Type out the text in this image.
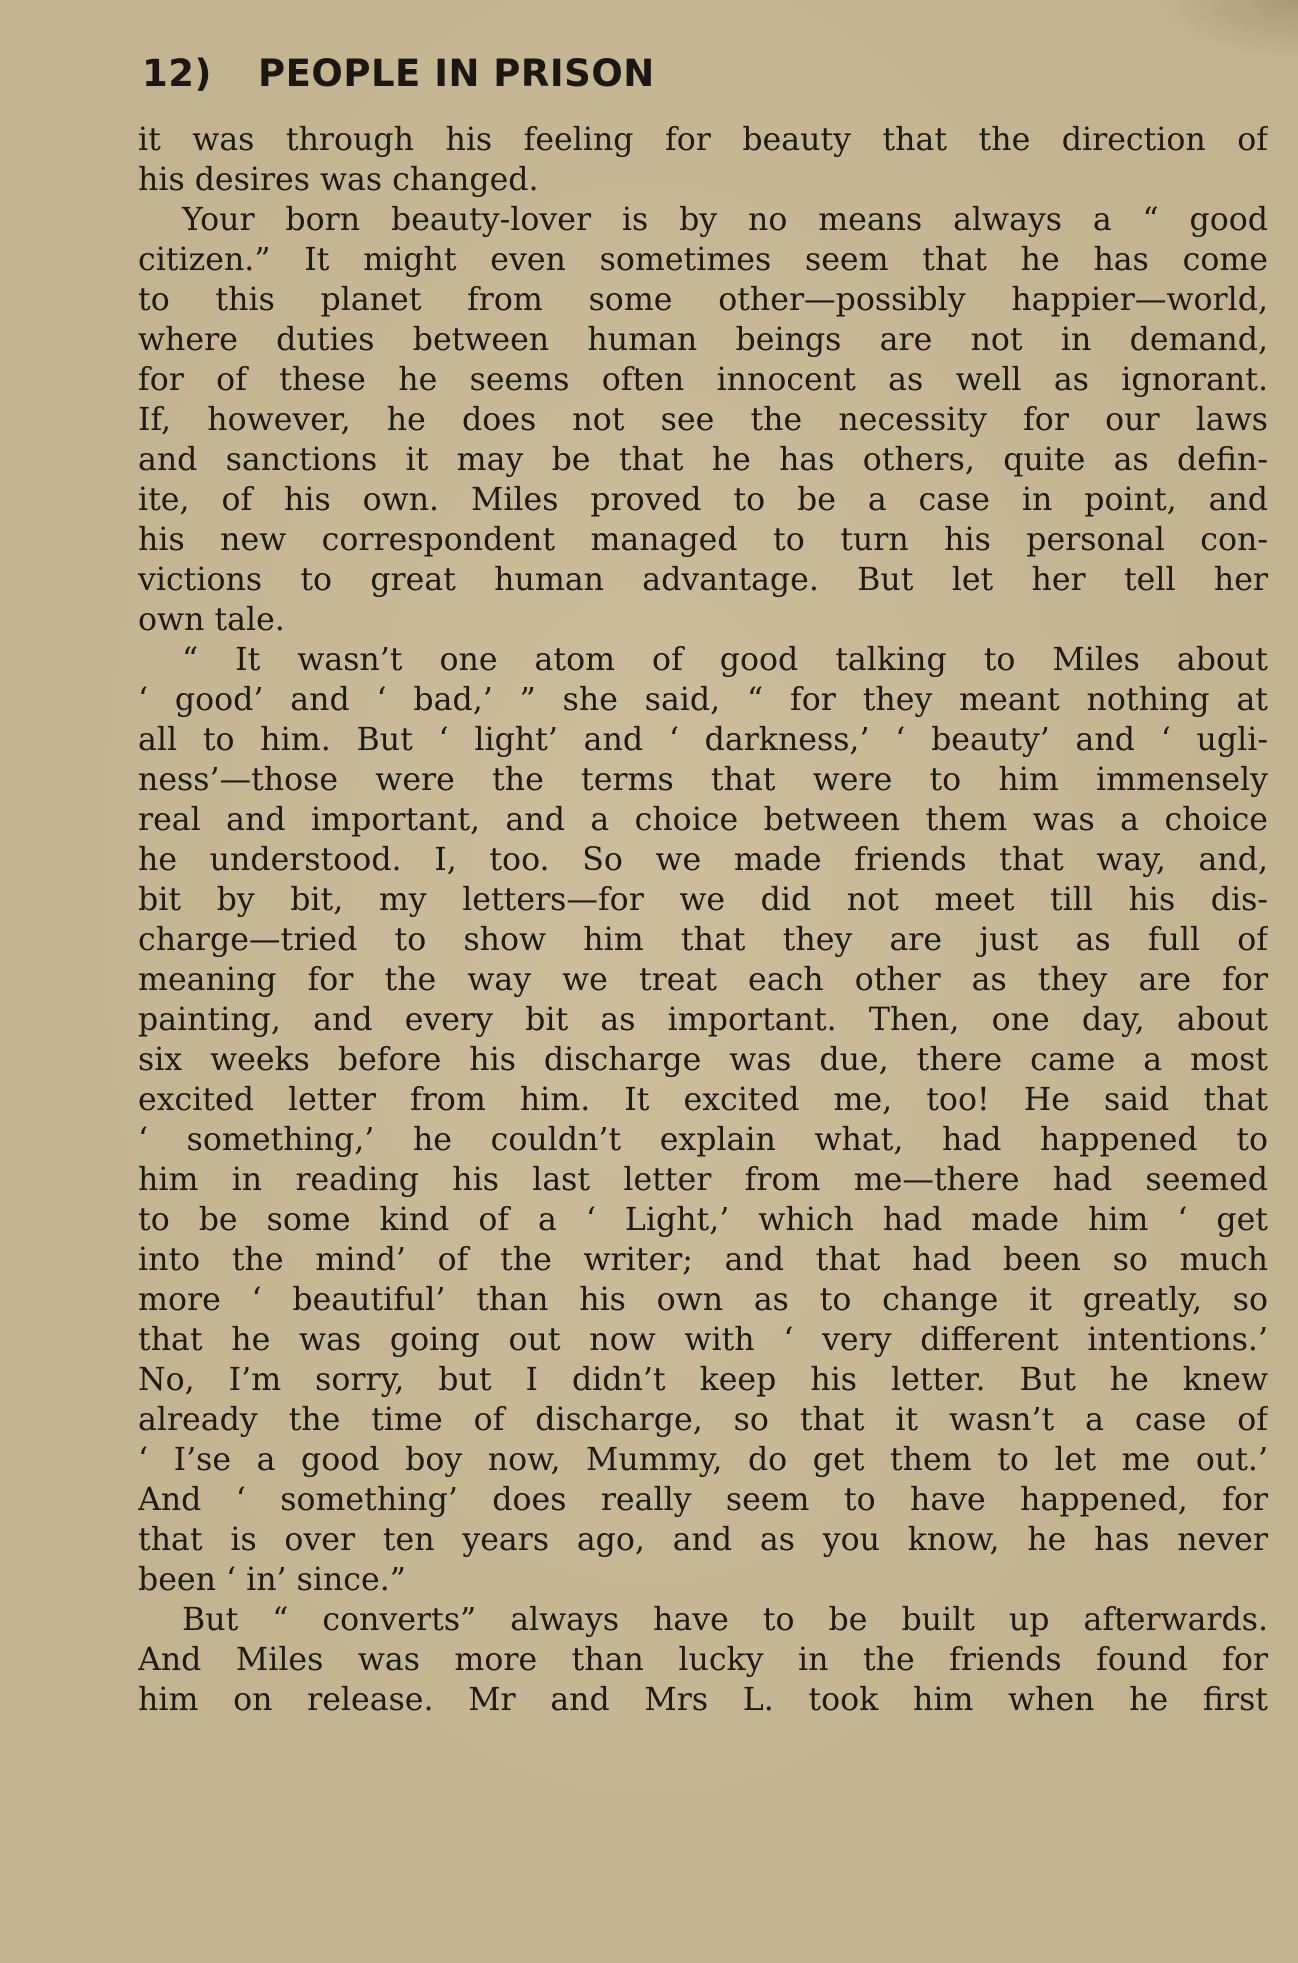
12) PEOPLE IN PRISON
it was through his feeling for beauty that the direction of
his desires was changed.
Your born beauty-lover is by no means always a “ good
citizen.” It might even sometimes seem that he has come
to this planet from some other—possibly happier—world,
where duties between human beings are not in demand,
for of these he seems often innocent as well as ignorant.
If, however, he does not see the necessity for our laws
and sanctions it may be that he has others, quite as defin-
ite, of his own. Miles proved to be a case in point, and
his new correspondent managed to turn his personal con-
victions to great human advantage. But let her tell her
own tale.
“ It wasn’t one atom of good talking to Miles about
‘ good’ and ‘ bad,’ ” she said, “ for they meant nothing at
all to him. But ‘ light’ and ‘ darkness,’ ‘ beauty’ and ‘ ugli-
ness’—those were the terms that were to him immensely
real and important, and a choice between them was a choice
he understood. I, too. So we made friends that way, and,
bit by bit, my letters—for we did not meet till his dis-
charge—tried to show him that they are just as full of
meaning for the way we treat each other as they are for
painting, and every bit as important. Then, one day, about
six weeks before his discharge was due, there came a most
excited letter from him. It excited me, too! He said that
‘ something,’ he couldn’t explain what, had happened to
him in reading his last letter from me—there had seemed
to be some kind of a ‘ Light,’ which had made him ‘ get
into the mind’ of the writer; and that had been so much
more ‘ beautiful’ than his own as to change it greatly, so
that he was going out now with ‘ very different intentions.’
No, I’m sorry, but I didn’t keep his letter. But he knew
already the time of discharge, so that it wasn’t a case of
‘ I’se a good boy now, Mummy, do get them to let me out.’
And ‘ something’ does really seem to have happened, for
that is over ten years ago, and as you know, he has never
been ‘ in’ since.”
But “ converts” always have to be built up afterwards.
And Miles was more than lucky in the friends found for
him on release. Mr and Mrs L. took him when he first
